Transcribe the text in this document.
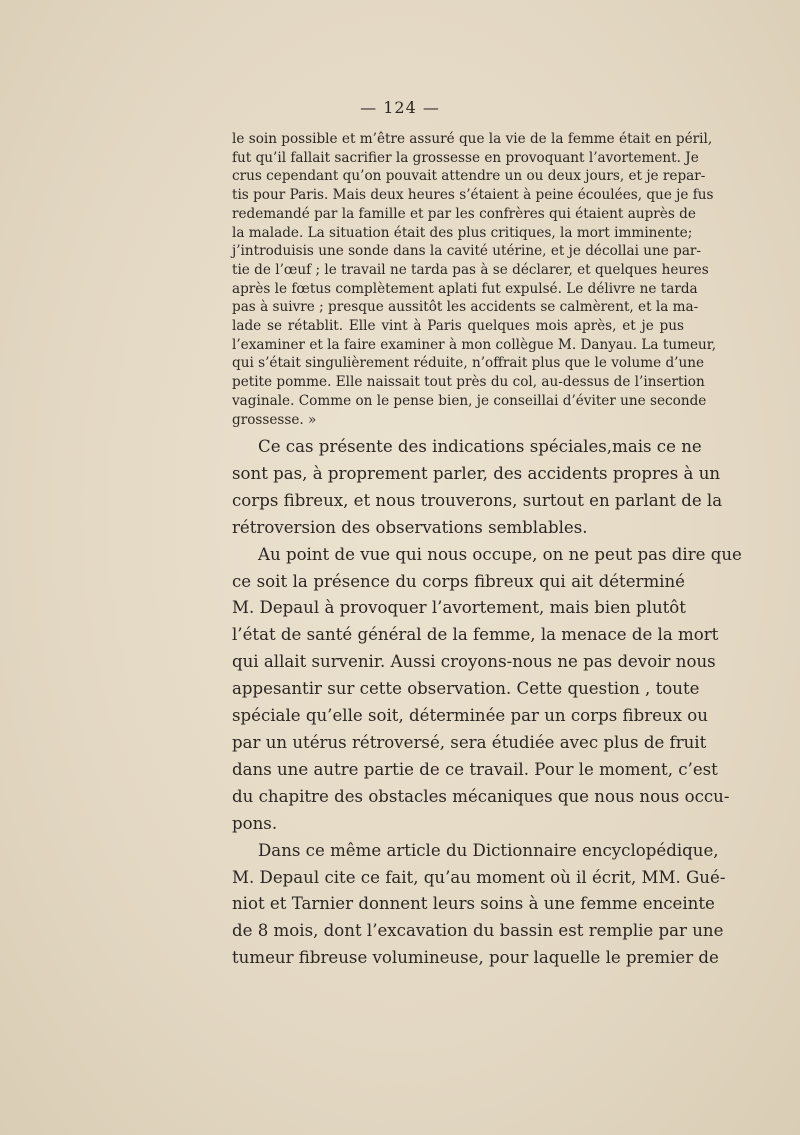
— 124 —
le soin possible et m’être assuré que la vie de la femme était en péril,
fut qu’il fallait sacrifier la grossesse en provoquant l’avortement. Je
crus cependant qu’on pouvait attendre un ou deux jours, et je repar-
tis pour Paris. Mais deux heures s’étaient à peine écoulées, que je fus
redemandé par la famille et par les confrères qui étaient auprès de
la malade. La situation était des plus critiques, la mort imminente;
j’introduisis une sonde dans la cavité utérine, et je décollai une par-
tie de l’œuf ; le travail ne tarda pas à se déclarer, et quelques heures
après le fœtus complètement aplati fut expulsé. Le délivre ne tarda
pas à suivre ; presque aussitôt les accidents se calmèrent, et la ma-
lade se rétablit. Elle vint à Paris quelques mois après, et je pus
l’examiner et la faire examiner à mon collègue M. Danyau. La tumeur,
qui s’était singulièrement réduite, n’offrait plus que le volume d’une
petite pomme. Elle naissait tout près du col, au-dessus de l’insertion
vaginale. Comme on le pense bien, je conseillai d’éviter une seconde
grossesse. »
Ce cas présente des indications spéciales,mais ce ne
sont pas, à proprement parler, des accidents propres à un
corps fibreux, et nous trouverons, surtout en parlant de la
rétroversion des observations semblables.
Au point de vue qui nous occupe, on ne peut pas dire que
ce soit la présence du corps fibreux qui ait déterminé
M. Depaul à provoquer l’avortement, mais bien plutôt
l’état de santé général de la femme, la menace de la mort
qui allait survenir. Aussi croyons-nous ne pas devoir nous
appesantir sur cette observation. Cette question , toute
spéciale qu’elle soit, déterminée par un corps fibreux ou
par un utérus rétroversé, sera étudiée avec plus de fruit
dans une autre partie de ce travail. Pour le moment, c’est
du chapitre des obstacles mécaniques que nous nous occu-
pons.
Dans ce même article du Dictionnaire encyclopédique,
M. Depaul cite ce fait, qu’au moment où il écrit, MM. Gué-
niot et Tarnier donnent leurs soins à une femme enceinte
de 8 mois, dont l’excavation du bassin est remplie par une
tumeur fibreuse volumineuse, pour laquelle le premier de
